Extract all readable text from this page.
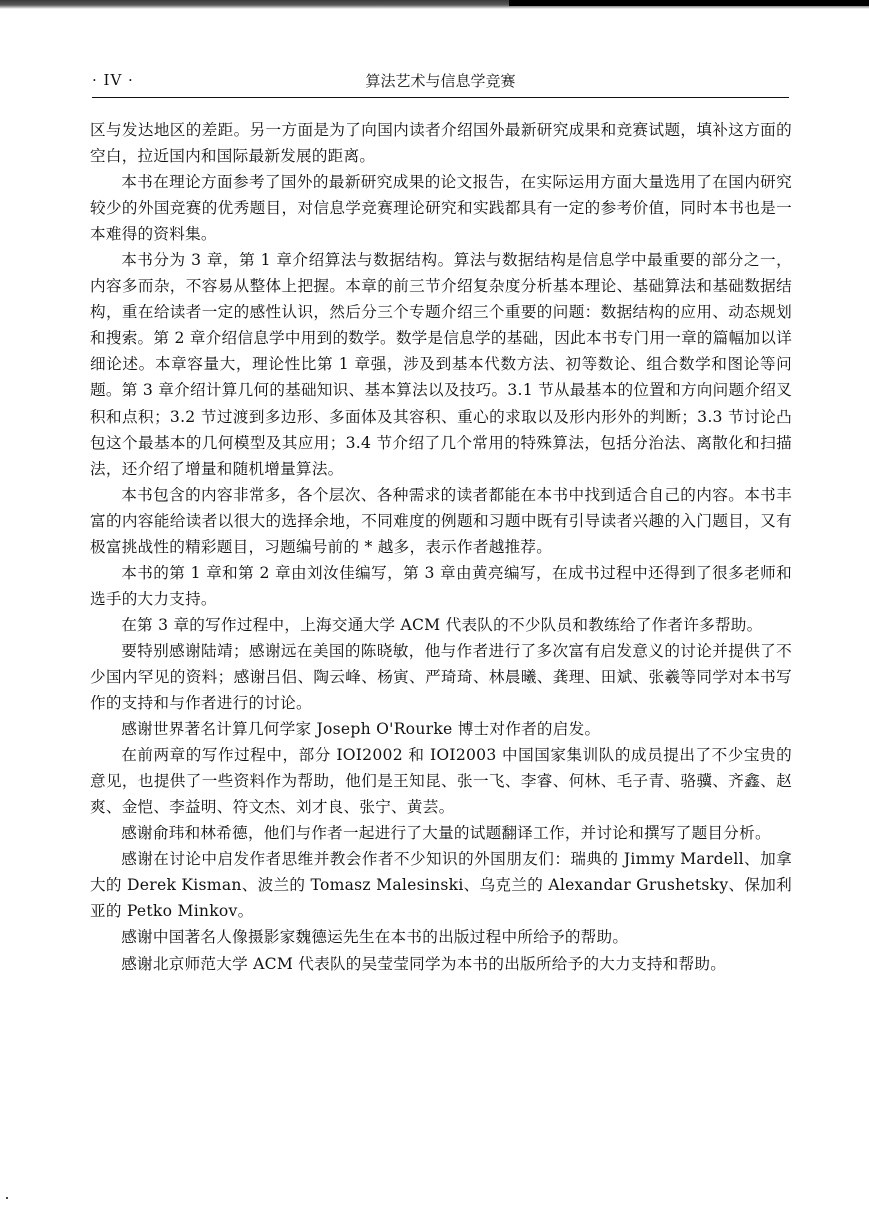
算法艺术与信息学竞赛
· IV ·

区与发达地区的差距。另一方面是为了向国内读者介绍国外最新研究成果和竞赛试题，填补这方面的空白，拉近国内和国际最新发展的距离。

本书在理论方面参考了国外的最新研究成果的论文报告，在实际运用方面大量选用了在国内研究较少的外国竞赛的优秀题目，对信息学竞赛理论研究和实践都具有一定的参考价值，同时本书也是一本难得的资料集。

本书分为 3 章，第 1 章介绍算法与数据结构。算法与数据结构是信息学中最重要的部分之一，内容多而杂，不容易从整体上把握。本章的前三节介绍复杂度分析基本理论、基础算法和基础数据结构，重在给读者一定的感性认识，然后分三个专题介绍三个重要的问题：数据结构的应用、动态规划和搜索。第 2 章介绍信息学中用到的数学。数学是信息学的基础，因此本书专门用一章的篇幅加以详细论述。本章容量大，理论性比第 1 章强，涉及到基本代数方法、初等数论、组合数学和图论等问题。第 3 章介绍计算几何的基础知识、基本算法以及技巧。3.1 节从最基本的位置和方向问题介绍叉积和点积；3.2 节过渡到多边形、多面体及其容积、重心的求取以及形内形外的判断；3.3 节讨论凸包这个最基本的几何模型及其应用；3.4 节介绍了几个常用的特殊算法，包括分治法、离散化和扫描法，还介绍了增量和随机增量算法。

本书包含的内容非常多，各个层次、各种需求的读者都能在本书中找到适合自己的内容。本书丰富的内容能给读者以很大的选择余地，不同难度的例题和习题中既有引导读者兴趣的入门题目，又有极富挑战性的精彩题目，习题编号前的 * 越多，表示作者越推荐。

本书的第 1 章和第 2 章由刘汝佳编写，第 3 章由黄亮编写，在成书过程中还得到了很多老师和选手的大力支持。

在第 3 章的写作过程中，上海交通大学 ACM 代表队的不少队员和教练给了作者许多帮助。

要特别感谢陆靖；感谢远在美国的陈晓敏，他与作者进行了多次富有启发意义的讨论并提供了不少国内罕见的资料；感谢吕侣、陶云峰、杨寅、严琦琦、林晨曦、龚理、田斌、张羲等同学对本书写作的支持和与作者进行的讨论。

感谢世界著名计算几何学家 Joseph O'Rourke 博士对作者的启发。

在前两章的写作过程中，部分 IOI2002 和 IOI2003 中国国家集训队的成员提出了不少宝贵的意见，也提供了一些资料作为帮助，他们是王知昆、张一飞、李睿、何林、毛子青、骆骥、齐鑫、赵爽、金恺、李益明、符文杰、刘才良、张宁、黄芸。

感谢俞玮和林希德，他们与作者一起进行了大量的试题翻译工作，并讨论和撰写了题目分析。

感谢在讨论中启发作者思维并教会作者不少知识的外国朋友们：瑞典的 Jimmy Mardell、加拿大的 Derek Kisman、波兰的 Tomasz Malesinski、乌克兰的 Alexandar Grushetsky、保加利亚的 Petko Minkov。

感谢中国著名人像摄影家魏德运先生在本书的出版过程中所给予的帮助。

感谢北京师范大学 ACM 代表队的吴莹莹同学为本书的出版所给予的大力支持和帮助。
